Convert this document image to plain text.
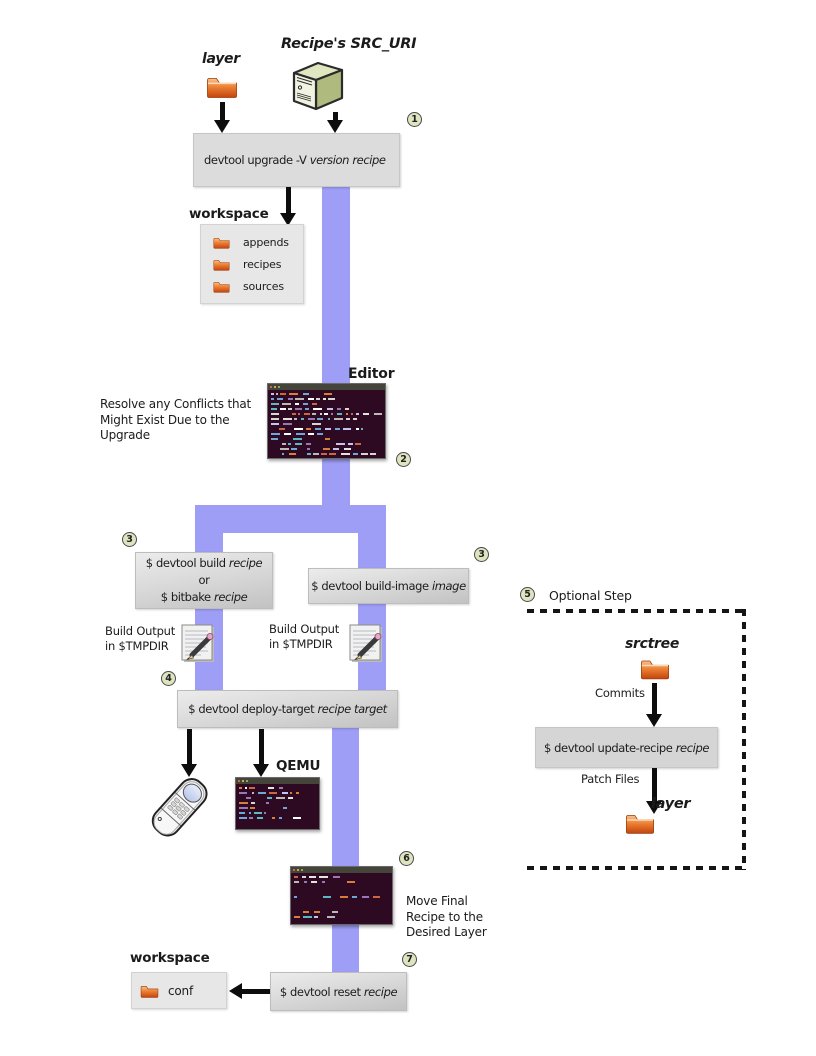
layer
Recipe's SRC_URI
1
devtool upgrade -V version recipe
workspace
appends
recipes
sources
Editor
Resolve any Conflicts that Might Exist Due to the Upgrade
2
3
$ devtool build recipe
or
$ bitbake recipe
3
$ devtool build-image image
Build Output in $TMPDIR
Build Output in $TMPDIR
4
$ devtool deploy-target recipe target
QEMU
6
Move Final Recipe to the Desired Layer
7
workspace
conf	$ devtool reset recipe
5	Optional Step
srctree
Commits
$ devtool update-recipe recipe
Patch Files
layer
